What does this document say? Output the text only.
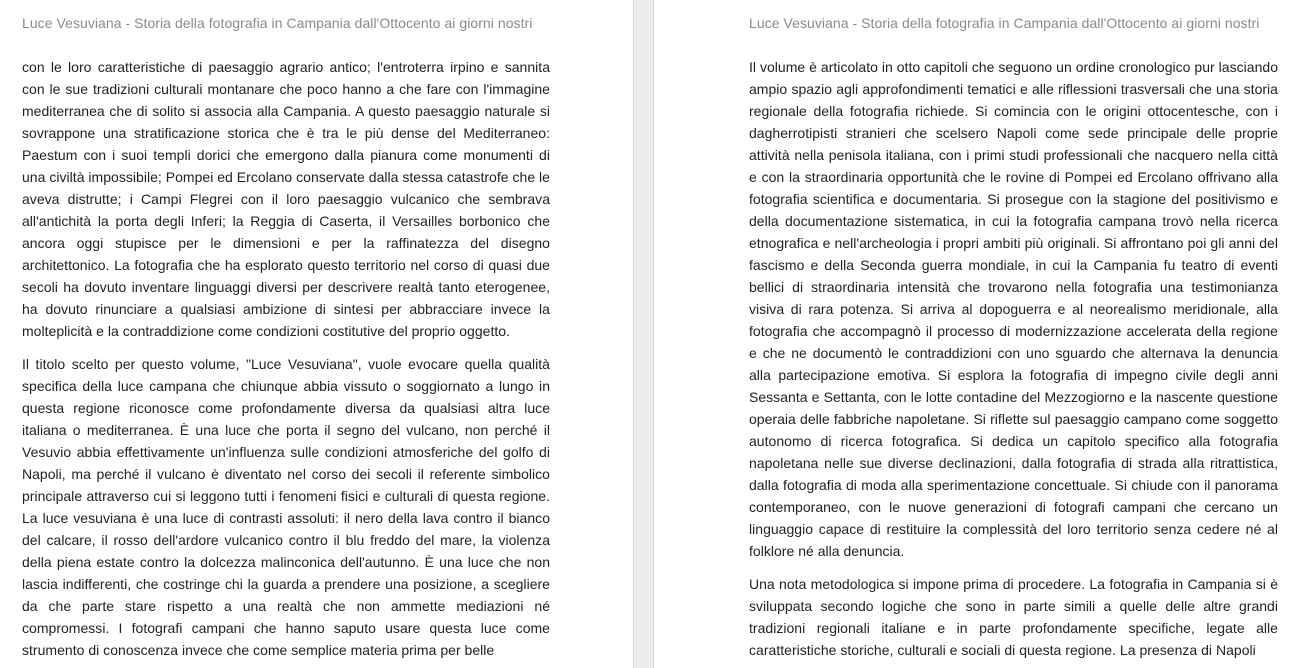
Luce Vesuviana - Storia della fotografia in Campania dall'Ottocento ai giorni nostri

con le loro caratteristiche di paesaggio agrario antico; l'entroterra irpino e sannita con le sue tradizioni culturali montanare che poco hanno a che fare con l'immagine mediterranea che di solito si associa alla Campania. A questo paesaggio naturale si sovrappone una stratificazione storica che è tra le più dense del Mediterraneo: Paestum con i suoi templi dorici che emergono dalla pianura come monumenti di una civiltà impossibile; Pompei ed Ercolano conservate dalla stessa catastrofe che le aveva distrutte; i Campi Flegrei con il loro paesaggio vulcanico che sembrava all'antichità la porta degli Inferi; la Reggia di Caserta, il Versailles borbonico che ancora oggi stupisce per le dimensioni e per la raffinatezza del disegno architettonico. La fotografia che ha esplorato questo territorio nel corso di quasi due secoli ha dovuto inventare linguaggi diversi per descrivere realtà tanto eterogenee, ha dovuto rinunciare a qualsiasi ambizione di sintesi per abbracciare invece la molteplicità e la contraddizione come condizioni costitutive del proprio oggetto.

Il titolo scelto per questo volume, "Luce Vesuviana", vuole evocare quella qualità specifica della luce campana che chiunque abbia vissuto o soggiornato a lungo in questa regione riconosce come profondamente diversa da qualsiasi altra luce italiana o mediterranea. È una luce che porta il segno del vulcano, non perché il Vesuvio abbia effettivamente un'influenza sulle condizioni atmosferiche del golfo di Napoli, ma perché il vulcano è diventato nel corso dei secoli il referente simbolico principale attraverso cui si leggono tutti i fenomeni fisici e culturali di questa regione. La luce vesuviana è una luce di contrasti assoluti: il nero della lava contro il bianco del calcare, il rosso dell'ardore vulcanico contro il blu freddo del mare, la violenza della piena estate contro la dolcezza malinconica dell'autunno. È una luce che non lascia indifferenti, che costringe chi la guarda a prendere una posizione, a scegliere da che parte stare rispetto a una realtà che non ammette mediazioni né compromessi. I fotografi campani che hanno saputo usare questa luce come strumento di conoscenza invece che come semplice materia prima per belle

Luce Vesuviana - Storia della fotografia in Campania dall'Ottocento ai giorni nostri

Il volume è articolato in otto capitoli che seguono un ordine cronologico pur lasciando ampio spazio agli approfondimenti tematici e alle riflessioni trasversali che una storia regionale della fotografia richiede. Si comincia con le origini ottocentesche, con i dagherrotipisti stranieri che scelsero Napoli come sede principale delle proprie attività nella penisola italiana, con i primi studi professionali che nacquero nella città e con la straordinaria opportunità che le rovine di Pompei ed Ercolano offrivano alla fotografia scientifica e documentaria. Si prosegue con la stagione del positivismo e della documentazione sistematica, in cui la fotografia campana trovò nella ricerca etnografica e nell'archeologia i propri ambiti più originali. Si affrontano poi gli anni del fascismo e della Seconda guerra mondiale, in cui la Campania fu teatro di eventi bellici di straordinaria intensità che trovarono nella fotografia una testimonianza visiva di rara potenza. Si arriva al dopoguerra e al neorealismo meridionale, alla fotografia che accompagnò il processo di modernizzazione accelerata della regione e che ne documentò le contraddizioni con uno sguardo che alternava la denuncia alla partecipazione emotiva. Si esplora la fotografia di impegno civile degli anni Sessanta e Settanta, con le lotte contadine del Mezzogiorno e la nascente questione operaia delle fabbriche napoletane. Si riflette sul paesaggio campano come soggetto autonomo di ricerca fotografica. Si dedica un capitolo specifico alla fotografia napoletana nelle sue diverse declinazioni, dalla fotografia di strada alla ritrattistica, dalla fotografia di moda alla sperimentazione concettuale. Si chiude con il panorama contemporaneo, con le nuove generazioni di fotografi campani che cercano un linguaggio capace di restituire la complessità del loro territorio senza cedere né al folklore né alla denuncia.

Una nota metodologica si impone prima di procedere. La fotografia in Campania si è sviluppata secondo logiche che sono in parte simili a quelle delle altre grandi tradizioni regionali italiane e in parte profondamente specifiche, legate alle caratteristiche storiche, culturali e sociali di questa regione. La presenza di Napoli
